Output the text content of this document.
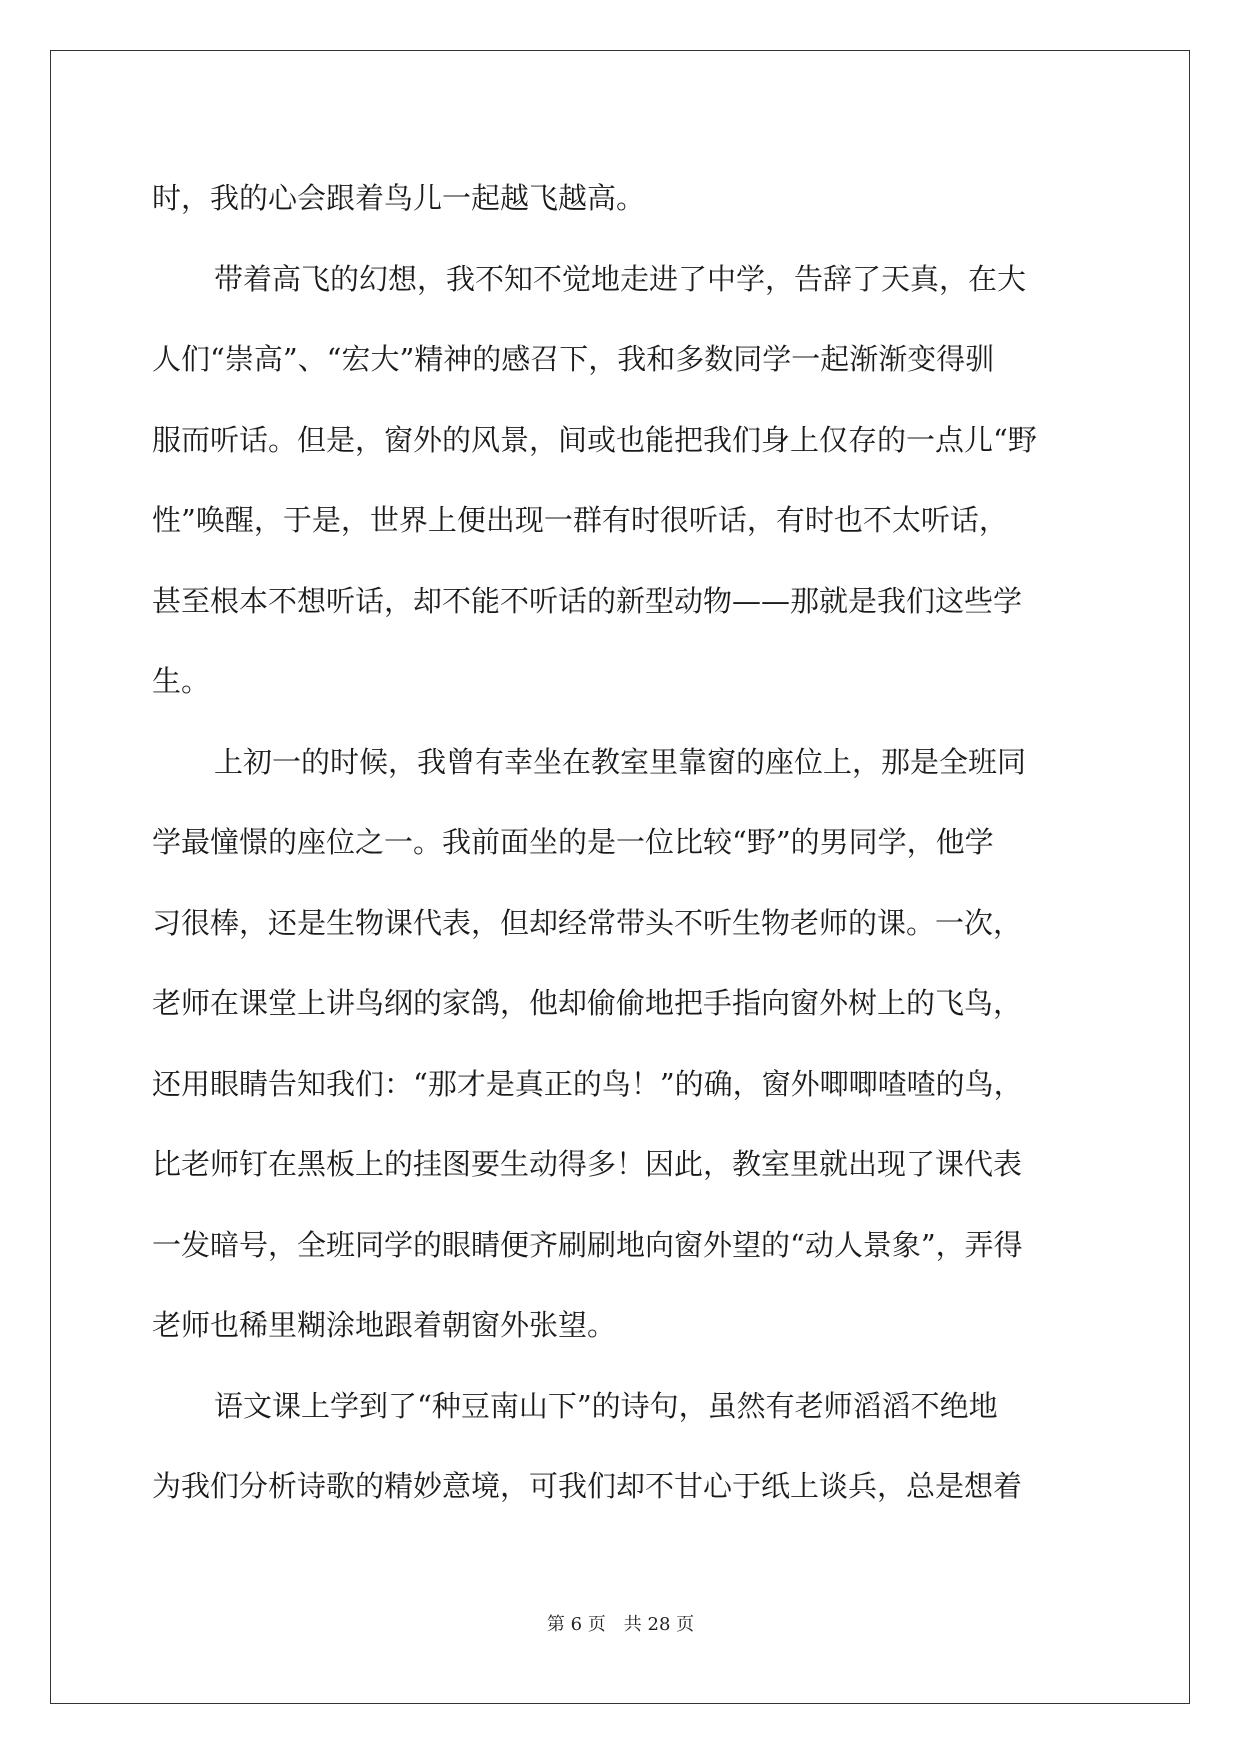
时，我的心会跟着鸟儿一起越飞越高。
带着高飞的幻想，我不知不觉地走进了中学，告辞了天真，在大
人们“崇高”、“宏大”精神的感召下，我和多数同学一起渐渐变得驯
服而听话。但是，窗外的风景，间或也能把我们身上仅存的一点儿“野
性”唤醒，于是，世界上便出现一群有时很听话，有时也不太听话，
甚至根本不想听话，却不能不听话的新型动物——那就是我们这些学
生。
上初一的时候，我曾有幸坐在教室里靠窗的座位上，那是全班同
学最憧憬的座位之一。我前面坐的是一位比较“野”的男同学，他学
习很棒，还是生物课代表，但却经常带头不听生物老师的课。一次，
老师在课堂上讲鸟纲的家鸽，他却偷偷地把手指向窗外树上的飞鸟，
还用眼睛告知我们：“那才是真正的鸟！”的确，窗外唧唧喳喳的鸟，
比老师钉在黑板上的挂图要生动得多！因此，教室里就出现了课代表
一发暗号，全班同学的眼睛便齐刷刷地向窗外望的“动人景象”，弄得
老师也稀里糊涂地跟着朝窗外张望。
语文课上学到了“种豆南山下”的诗句，虽然有老师滔滔不绝地
为我们分析诗歌的精妙意境，可我们却不甘心于纸上谈兵，总是想着
第 6 页 共 28 页
